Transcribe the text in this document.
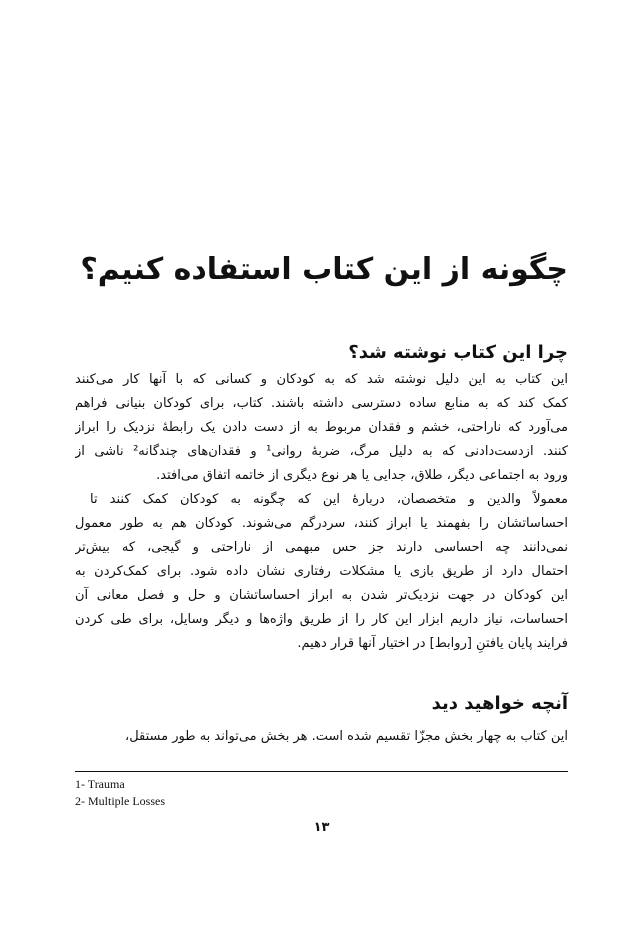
چگونه از این کتاب استفاده کنیم؟
چرا این کتاب نوشته شد؟
این کتاب به این دلیل نوشته شد که به کودکان و کسانی که با آنها کار می‌کنند
کمک کند که به منابع ساده دسترسی داشته باشند. کتاب، برای کودکان بنیانی فراهم
می‌آورد که ناراحتی، خشم و فقدان مربوط به از دست دادن یک رابطهٔ نزدیک را ابراز
کنند. ازدست‌دادنی که به دلیل مرگ، ضربهٔ روانی¹ و فقدان‌های چندگانه² ناشی از
ورود به اجتماعی دیگر، طلاق، جدایی یا هر نوع دیگری از خاتمه اتفاق می‌افتد.
معمولاً والدین و متخصصان، دربارهٔ این که چگونه به کودکان کمک کنند تا
احساساتشان را بفهمند یا ابراز کنند، سردرگم می‌شوند. کودکان هم به طور معمول
نمی‌دانند چه احساسی دارند جز حس مبهمی از ناراحتی و گیجی، که بیش‌تر
احتمال دارد از طریق بازی یا مشکلات رفتاری نشان داده شود. برای کمک‌کردن به
این کودکان در جهت نزدیک‌تر شدن به ابراز احساساتشان و حل و فصل معانی آن
احساسات، نیاز داریم ابزار این کار را از طریق واژه‌ها و دیگر وسایل، برای طی کردن
فرایند پایان یافتنِ [روابط] در اختیار آنها قرار دهیم.
آنچه خواهید دید
این کتاب به چهار بخش مجزّا تقسیم شده است. هر بخش می‌تواند به طور مستقل،
1- Trauma
2- Multiple Losses
۱۳
